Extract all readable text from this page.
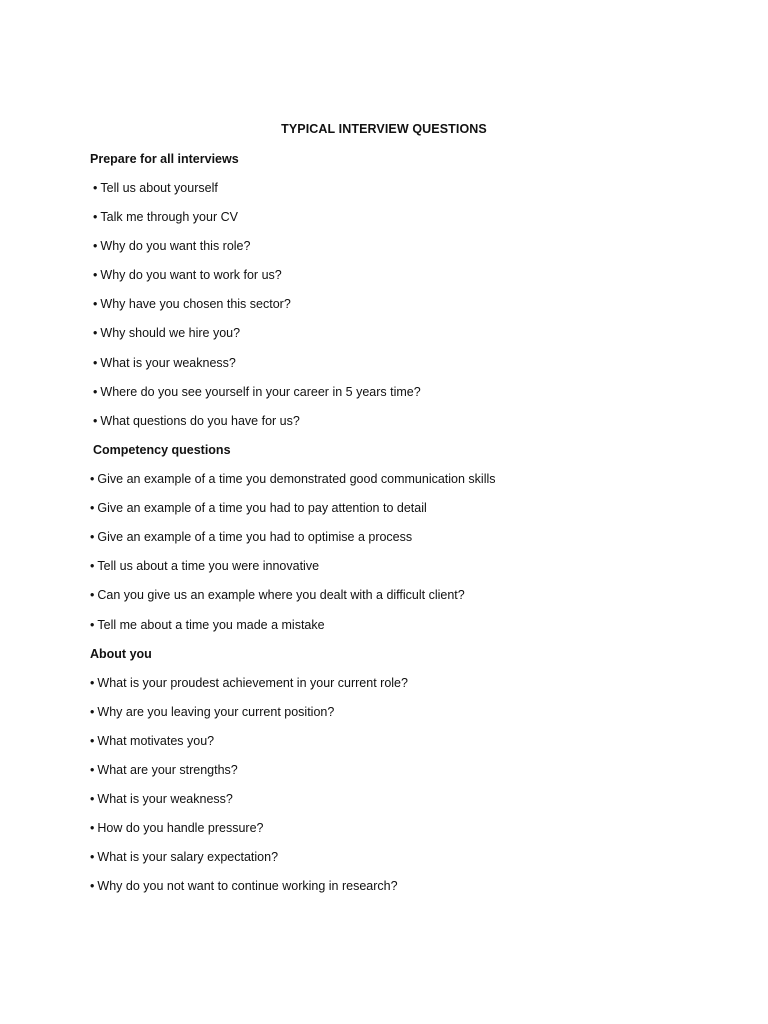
TYPICAL INTERVIEW QUESTIONS
Prepare for all interviews
• Tell us about yourself
• Talk me through your CV
• Why do you want this role?
• Why do you want to work for us?
• Why have you chosen this sector?
• Why should we hire you?
• What is your weakness?
• Where do you see yourself in your career in 5 years time?
• What questions do you have for us?
Competency questions
• Give an example of a time you demonstrated good communication skills
• Give an example of a time you had to pay attention to detail
• Give an example of a time you had to optimise a process
• Tell us about a time you were innovative
• Can you give us an example where you dealt with a difficult client?
• Tell me about a time you made a mistake
About you
• What is your proudest achievement in your current role?
• Why are you leaving your current position?
• What motivates you?
• What are your strengths?
• What is your weakness?
• How do you handle pressure?
• What is your salary expectation?
• Why do you not want to continue working in research?
